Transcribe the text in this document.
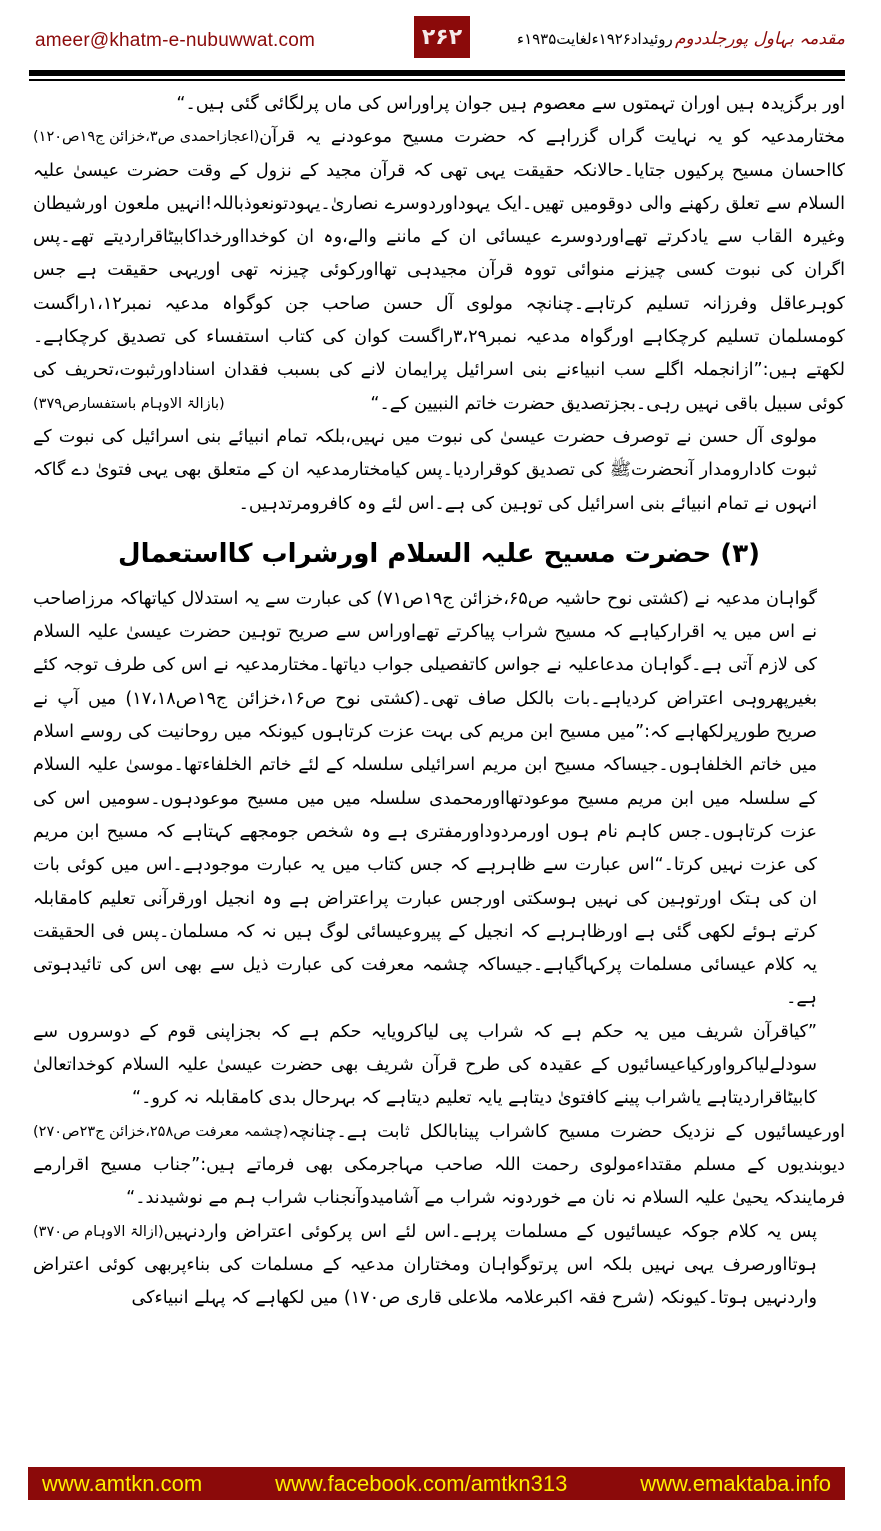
ameer@khatm-e-nubuwwat.com	۲۶۲	روئیداد۱۹۲۶ءلغایت۱۹۳۵ء مقدمہ بہاول پورجلددوم

اور برگزیدہ ہیں اوران تہمتوں سے معصوم ہیں جوان پراوراس کی ماں پرلگائی گئی ہیں۔“
(اعجازاحمدی ص۳،خزائن ج۱۹ص۱۲۰) مختارمدعیہ کو یہ نہایت گراں گزراہے کہ حضرت مسیح موعودنے یہ قرآن کااحسان مسیح پرکیوں جتایا۔حالانکہ حقیقت یہی تھی کہ قرآن مجید کے نزول کے وقت حضرت عیسیٰ علیہ السلام سے تعلق رکھنے والی دوقومیں تھیں۔ایک یہوداوردوسرے نصاریٰ۔یہودتونعوذباللہ!انہیں ملعون اورشیطان وغیرہ القاب سے یادکرتے تھےاوردوسرے عیسائی ان کے ماننے والے،وہ ان کوخدااورخداکابیٹاقراردیتے تھے۔پس اگران کی نبوت کسی چیزنے منوائی تووہ قرآن مجیدہی تھااورکوئی چیزنہ تھی اوریہی حقیقت ہے جس کوہرعاقل وفرزانہ تسلیم کرتاہے۔چنانچہ مولوی آل حسن صاحب جن کوگواہ مدعیہ نمبر۱،۱۲راگست کومسلمان تسلیم کرچکاہے اورگواہ مدعیہ نمبر۳،۲۹راگست کوان کی کتاب استفساء کی تصدیق کرچکاہے۔لکھتے ہیں:”ازانجملہ اگلے سب انبیاءنے بنی اسرائیل پرایمان لانے کی بسبب فقدان اسناداورثبوت،تحریف کی کوئی سبیل باقی نہیں رہی۔بجزتصدیق حضرت خاتم النبیین کے۔“
(بازالۃ الاوہام باستفسارص۳۷۹)

مولوی آل حسن نے توصرف حضرت عیسیٰ کی نبوت میں نہیں،بلکہ تمام انبیائے بنی اسرائیل کی نبوت کے ثبوت کادارومدار آنحضرتﷺ کی تصدیق کوقراردیا۔پس کیامختارمدعیہ ان کے متعلق بھی یہی فتویٰ دے گاکہ انہوں نے تمام انبیائے بنی اسرائیل کی توہین کی ہے۔اس لئے وہ کافرومرتدہیں۔

(۳) حضرت مسیح علیہ السلام اورشراب کااستعمال

گواہان مدعیہ نے (کشتی نوح حاشیہ ص۶۵،خزائن ج۱۹ص۷۱) کی عبارت سے یہ استدلال کیاتھاکہ مرزاصاحب نے اس میں یہ اقرارکیاہے کہ مسیح شراب پیاکرتے تھےاوراس سے صریح توہین حضرت عیسیٰ علیہ السلام کی لازم آتی ہے۔گواہان مدعاعلیہ نے جواس کاتفصیلی جواب دیاتھا۔مختارمدعیہ نے اس کی طرف توجہ کئے بغیرپھروہی اعتراض کردیاہے۔بات بالکل صاف تھی۔(کشتی نوح ص۱۶،خزائن ج۱۹ص۱۷،۱۸) میں آپ نے صریح طورپرلکھاہے کہ:”میں مسیح ابن مریم کی بہت عزت کرتاہوں کیونکہ میں روحانیت کی روسے اسلام میں خاتم الخلفاہوں۔جیساکہ مسیح ابن مریم اسرائیلی سلسلہ کے لئے خاتم الخلفاءتھا۔موسیٰ علیہ السلام کے سلسلہ میں ابن مریم مسیح موعودتھااورمحمدی سلسلہ میں میں مسیح موعودہوں۔سومیں اس کی عزت کرتاہوں۔جس کاہم نام ہوں اورمردوداورمفتری ہے وہ شخص جومجھے کہتاہے کہ مسیح ابن مریم کی عزت نہیں کرتا۔“اس عبارت سے ظاہرہے کہ جس کتاب میں یہ عبارت موجودہے۔اس میں کوئی بات ان کی ہتک اورتوہین کی نہیں ہوسکتی اورجس عبارت پراعتراض ہے وہ انجیل اورقرآنی تعلیم کامقابلہ کرتے ہوئے لکھی گئی ہے اورظاہرہے کہ انجیل کے پیروعیسائی لوگ ہیں نہ کہ مسلمان۔پس فی الحقیقت یہ کلام عیسائی مسلمات پرکہاگیاہے۔جیساکہ چشمہ معرفت کی عبارت ذیل سے بھی اس کی تائیدہوتی ہے۔

”کیاقرآن شریف میں یہ حکم ہے کہ شراب پی لیاکرویایہ حکم ہے کہ بجزاپنی قوم کے دوسروں سے سودلےلیاکرواورکیاعیسائیوں کے عقیدہ کی طرح قرآن شریف بھی حضرت عیسیٰ علیہ السلام کوخداتعالیٰ کابیٹاقراردیتاہے یاشراب پینے کافتویٰ دیتاہے یایہ تعلیم دیتاہے کہ بہرحال بدی کامقابلہ نہ کرو۔“
(چشمہ معرفت ص۲۵۸،خزائن ج۲۳ص۲۷۰) اورعیسائیوں کے نزدیک حضرت مسیح کاشراب پینابالکل ثابت ہے۔چنانچہ دیوبندیوں کے مسلم مقتداءمولوی رحمت اللہ صاحب مہاجرمکی بھی فرماتے ہیں:”جناب مسیح اقرارمے فرمایندکہ یحییٰ علیہ السلام نہ نان مے خوردونہ شراب مے آشامیدوآنجناب شراب ہم مے نوشیدند۔“
(ازالۃ الاوہام ص۳۷۰) پس یہ کلام جوکہ عیسائیوں کے مسلمات پرہے۔اس لئے اس پرکوئی اعتراض واردنہیں ہوتااورصرف یہی نہیں بلکہ اس پرتوگواہان ومختاران مدعیہ کے مسلمات کی بناءپربھی کوئی اعتراض واردنہیں ہوتا۔کیونکہ (شرح فقہ اکبرعلامہ ملاعلی قاری ص۱۷۰) میں لکھاہے کہ پہلے انبیاءکی

www.amtkn.com	www.facebook.com/amtkn313	www.emaktaba.info
